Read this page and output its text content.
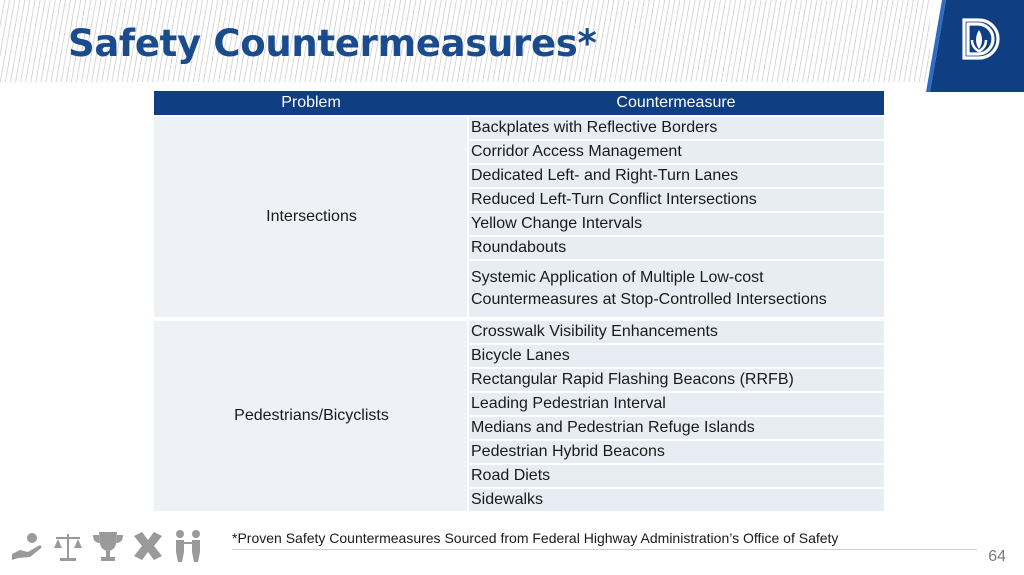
Safety Countermeasures*
Problem	Countermeasure
Intersections	Backplates with Reflective Borders
	Corridor Access Management
	Dedicated Left- and Right-Turn Lanes
	Reduced Left-Turn Conflict Intersections
	Yellow Change Intervals
	Roundabouts
	Systemic Application of Multiple Low-cost Countermeasures at Stop-Controlled Intersections
Pedestrians/Bicyclists	Crosswalk Visibility Enhancements
	Bicycle Lanes
	Rectangular Rapid Flashing Beacons (RRFB)
	Leading Pedestrian Interval
	Medians and Pedestrian Refuge Islands
	Pedestrian Hybrid Beacons
	Road Diets
	Sidewalks
*Proven Safety Countermeasures Sourced from Federal Highway Administration’s Office of Safety
64
